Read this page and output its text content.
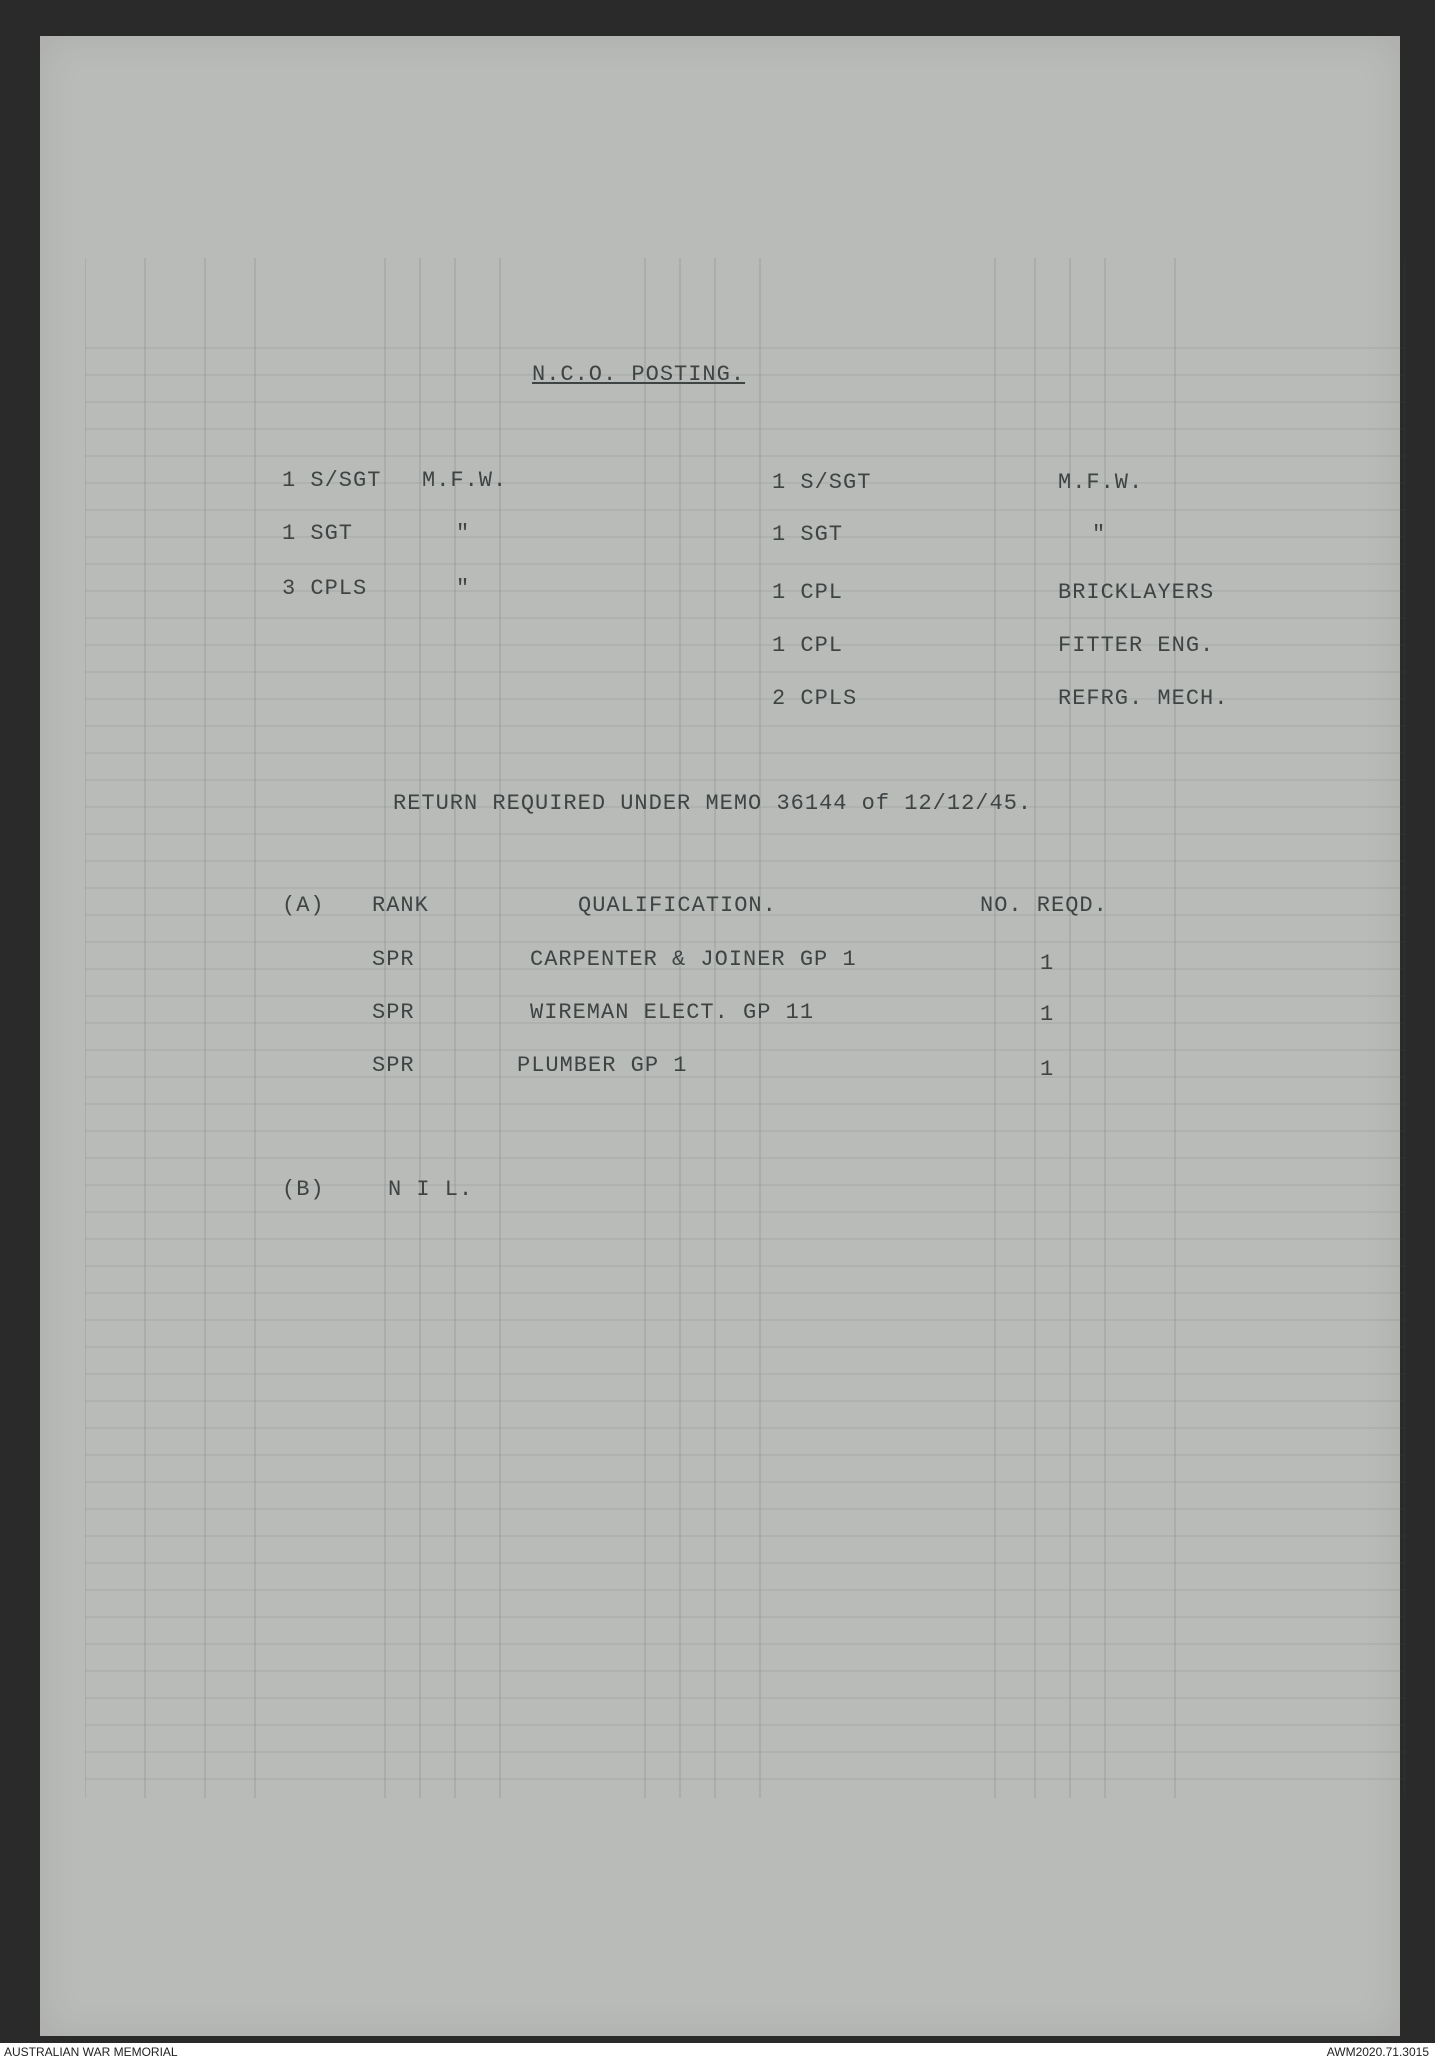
N.C.O. POSTING.
1 S/SGT M.F.W.
1 SGT	"
3 CPLS	"
1 S/SGT	M.F.W.
1 SGT	"
1 CPL	BRICKLAYERS
1 CPL	FITTER ENG.
2 CPLS	REFRG. MECH.
RETURN REQUIRED UNDER MEMO 36144 of 12/12/45.
(A) RANK	QUALIFICATION.	NO. REQD.
SPR	CARPENTER & JOINER GP 1	1
SPR	WIREMAN ELECT. GP 11	1
SPR	PLUMBER GP 1	1
(B)	N I L.
AUSTRALIAN WAR MEMORIAL	AWM2020.71.3015
